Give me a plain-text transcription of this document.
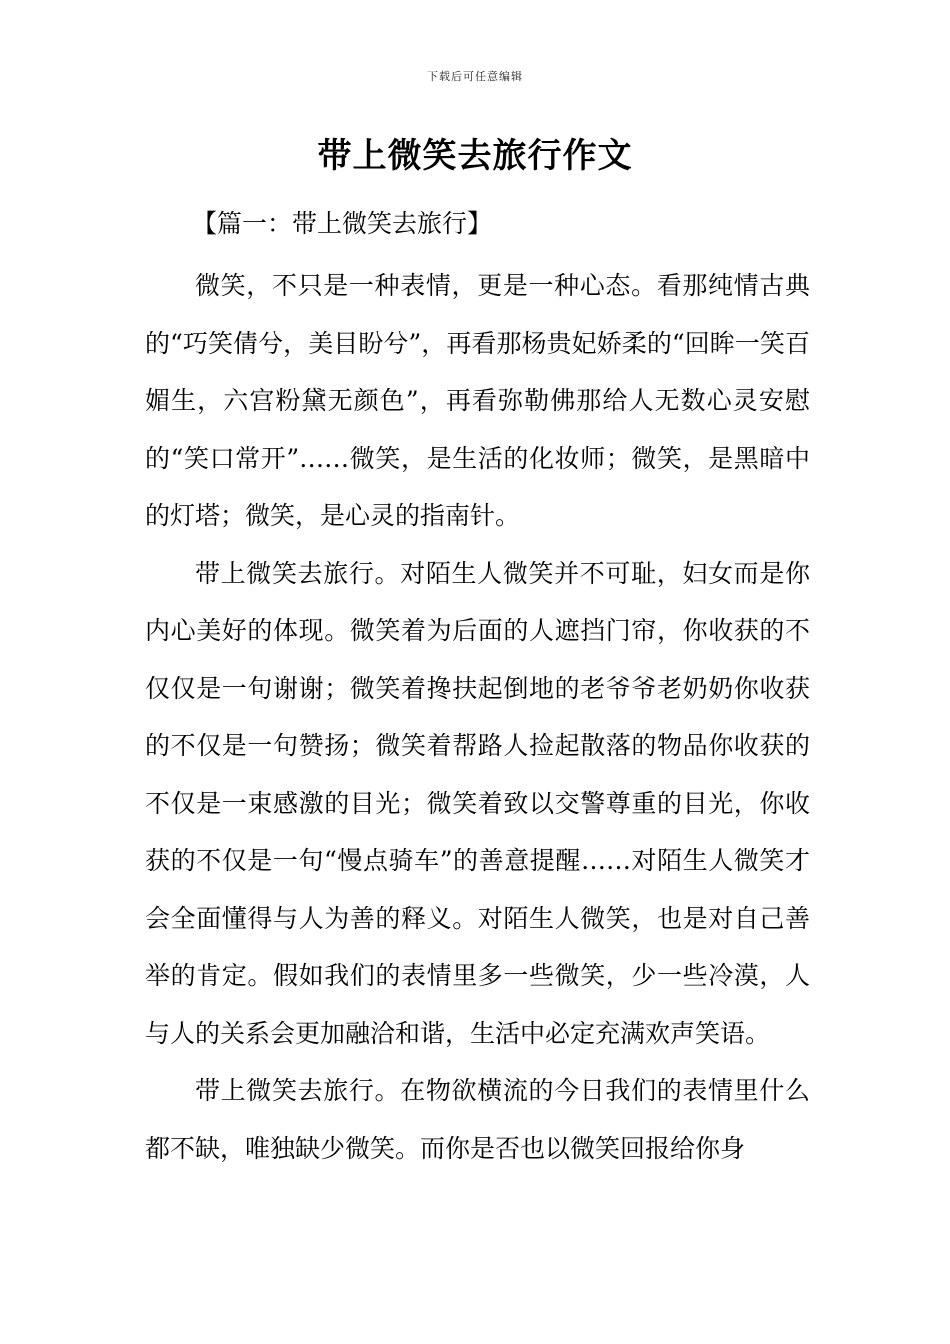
下载后可任意编辑
带上微笑去旅行作文
【篇一：带上微笑去旅行】

微笑，不只是一种表情，更是一种心态。看那纯情古典的“巧笑倩兮，美目盼兮”，再看那杨贵妃娇柔的“回眸一笑百媚生，六宫粉黛无颜色”，再看弥勒佛那给人无数心灵安慰的“笑口常开”……微笑，是生活的化妆师；微笑，是黑暗中的灯塔；微笑，是心灵的指南针。

带上微笑去旅行。对陌生人微笑并不可耻，妇女而是你内心美好的体现。微笑着为后面的人遮挡门帘，你收获的不仅仅是一句谢谢；微笑着搀扶起倒地的老爷爷老奶奶你收获的不仅是一句赞扬；微笑着帮路人捡起散落的物品你收获的不仅是一束感激的目光；微笑着致以交警尊重的目光，你收获的不仅是一句“慢点骑车”的善意提醒……对陌生人微笑才会全面懂得与人为善的释义。对陌生人微笑，也是对自己善举的肯定。假如我们的表情里多一些微笑，少一些冷漠，人与人的关系会更加融洽和谐，生活中必定充满欢声笑语。

带上微笑去旅行。在物欲横流的今日我们的表情里什么都不缺，唯独缺少微笑。而你是否也以微笑回报给你身
